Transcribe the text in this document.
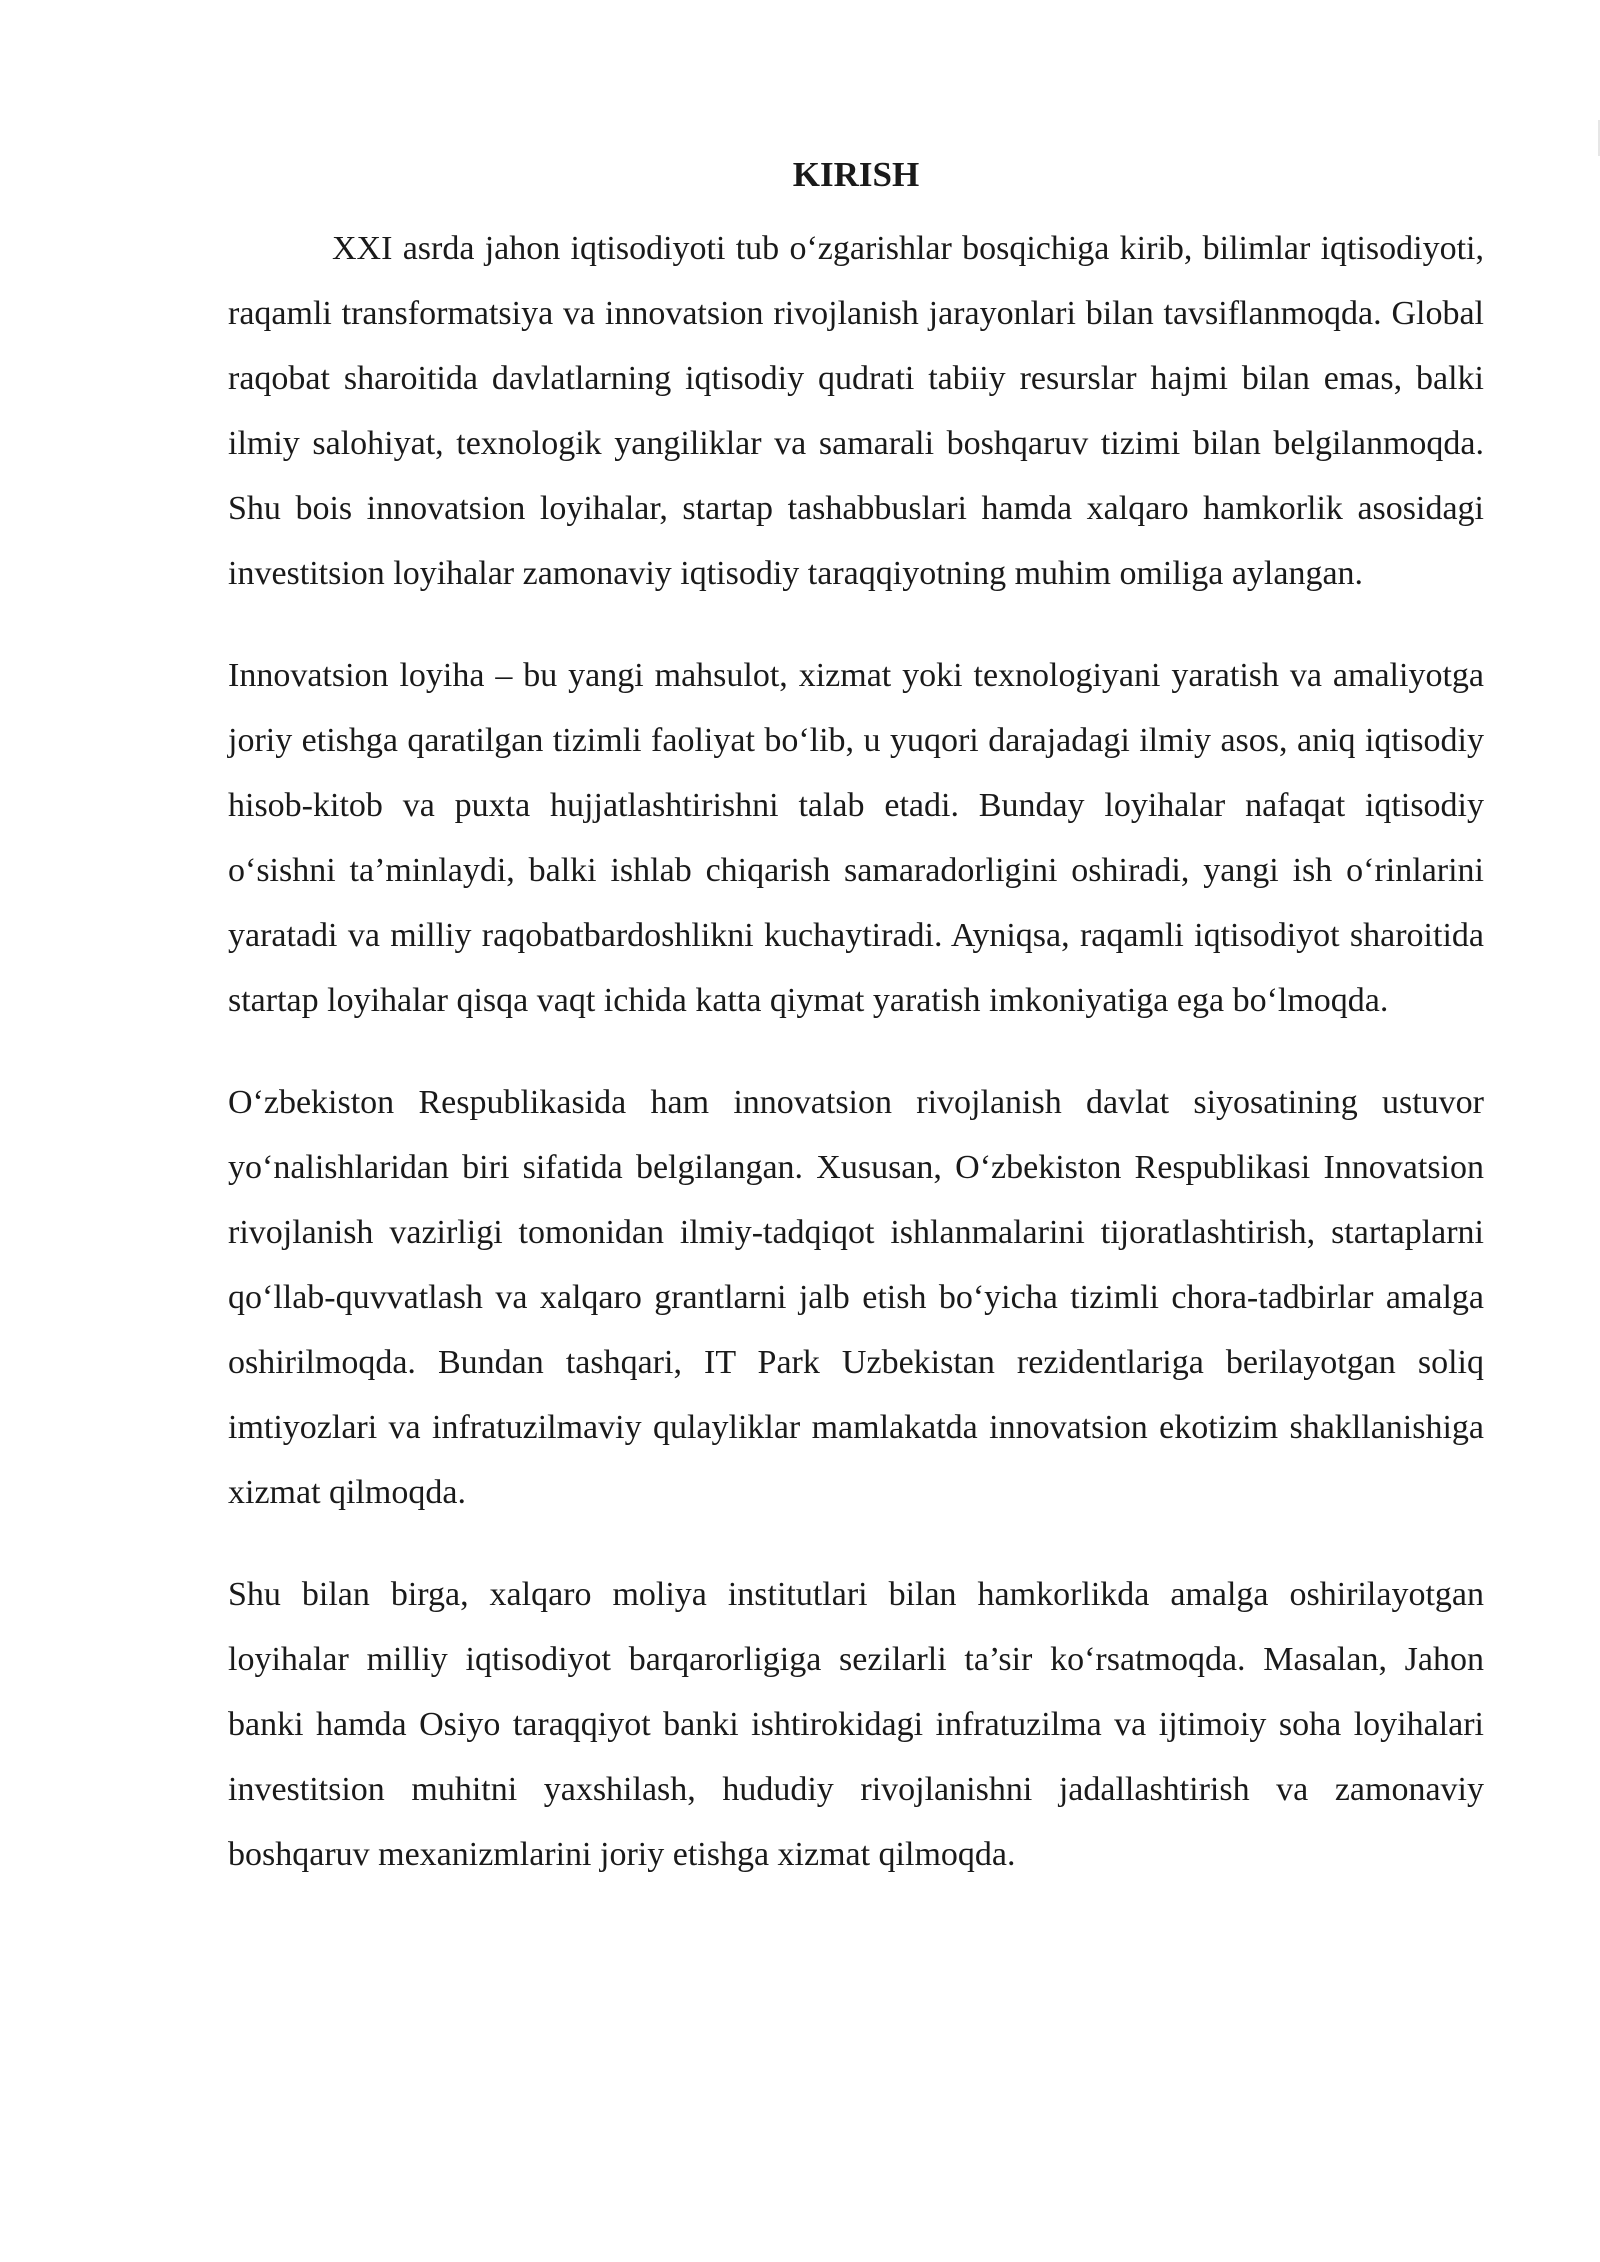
KIRISH

XXI asrda jahon iqtisodiyoti tub o‘zgarishlar bosqichiga kirib, bilimlar iqtisodiyoti, raqamli transformatsiya va innovatsion rivojlanish jarayonlari bilan tavsiflanmoqda. Global raqobat sharoitida davlatlarning iqtisodiy qudrati tabiiy resurslar hajmi bilan emas, balki ilmiy salohiyat, texnologik yangiliklar va samarali boshqaruv tizimi bilan belgilanmoqda. Shu bois innovatsion loyihalar, startap tashabbuslari hamda xalqaro hamkorlik asosidagi investitsion loyihalar zamonaviy iqtisodiy taraqqiyotning muhim omiliga aylangan.

Innovatsion loyiha – bu yangi mahsulot, xizmat yoki texnologiyani yaratish va amaliyotga joriy etishga qaratilgan tizimli faoliyat bo‘lib, u yuqori darajadagi ilmiy asos, aniq iqtisodiy hisob-kitob va puxta hujjatlashtirishni talab etadi. Bunday loyihalar nafaqat iqtisodiy o‘sishni ta’minlaydi, balki ishlab chiqarish samaradorligini oshiradi, yangi ish o‘rinlarini yaratadi va milliy raqobatbardoshlikni kuchaytiradi. Ayniqsa, raqamli iqtisodiyot sharoitida startap loyihalar qisqa vaqt ichida katta qiymat yaratish imkoniyatiga ega bo‘lmoqda.

O‘zbekiston Respublikasida ham innovatsion rivojlanish davlat siyosatining ustuvor yo‘nalishlaridan biri sifatida belgilangan. Xususan, O‘zbekiston Respublikasi Innovatsion rivojlanish vazirligi tomonidan ilmiy-tadqiqot ishlanmalarini tijoratlashtirish, startaplarni qo‘llab-quvvatlash va xalqaro grantlarni jalb etish bo‘yicha tizimli chora-tadbirlar amalga oshirilmoqda. Bundan tashqari, IT Park Uzbekistan rezidentlariga berilayotgan soliq imtiyozlari va infratuzilmaviy qulayliklar mamlakatda innovatsion ekotizim shakllanishiga xizmat qilmoqda.

Shu bilan birga, xalqaro moliya institutlari bilan hamkorlikda amalga oshirilayotgan loyihalar milliy iqtisodiyot barqarorligiga sezilarli ta’sir ko‘rsatmoqda. Masalan, Jahon banki hamda Osiyo taraqqiyot banki ishtirokidagi infratuzilma va ijtimoiy soha loyihalari investitsion muhitni yaxshilash, hududiy rivojlanishni jadallashtirish va zamonaviy boshqaruv mexanizmlarini joriy etishga xizmat qilmoqda.
